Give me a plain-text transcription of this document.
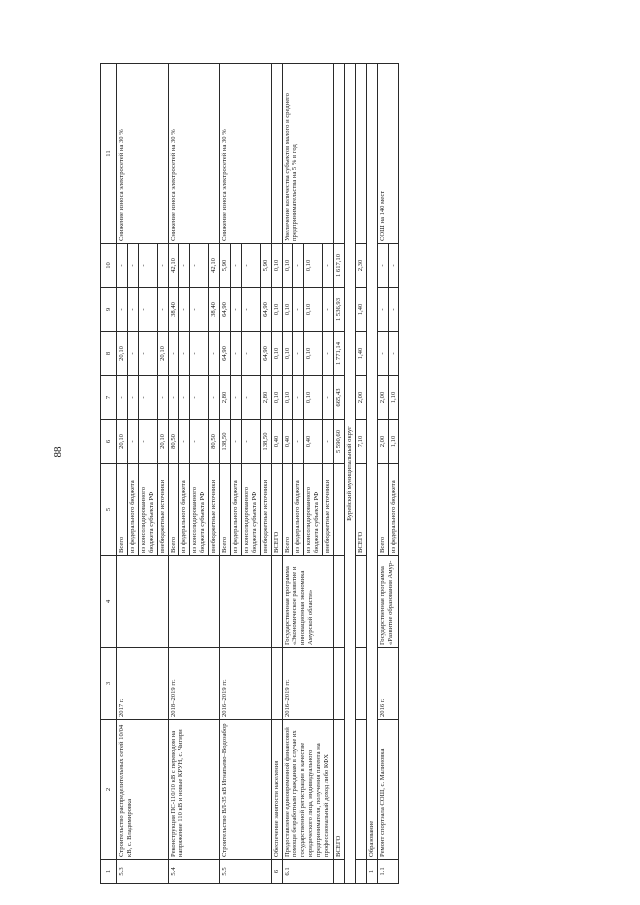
88
1	2	3	4	5	6	7	8	9	10	11
5.3	Строительство распределительных сетей 10/04 кВ, с. Владимировка	2017 г.		Всего	20,10	-	20,10	-	-	Снижение износа электросетей на 30 %
				из федерального бюджета	-	-	-	-	-	
				из консолидированного бюджета субъекта РФ	-	-	-	-	-	
				внебюджетные источники	20,10	-	20,10	-	-	
5.4	Реконструкция ПС-110/10 кВ с переводом на напряжение 110 кВ и новые КРУН, с. Чигири	2018–2019 гг.		Всего	80,50	-	-	38,40	42,10	Снижение износа электросетей на 30 %
				из федерального бюджета	-	-	-	-	-	
				из консолидированного бюджета субъекта РФ	-	-	-	-	-	
				внебюджетные источники	80,50	-	-	38,40	42,10	
5.5	Строительство ВЛ-35 кВ Игнатьево–Водозабор	2016–2019 гг.		Всего	138,50	2,80	64,90	64,90	5,90	Снижение износа электросетей на 30 %
				из федерального бюджета	-	-	-	-	-	
				из консолидированного бюджета субъекта РФ	-	-	-	-	-	
				внебюджетные источники	138,50	2,80	64,90	64,90	5,90	
6	Обеспечение занятости населения			ВСЕГО	0,40	0,10	0,10	0,10	0,10	
6.1	Предоставление единовременной финансовой помощи безработным гражданам в случае их государственной регистрации в качестве юридического лица, индивидуального предпринимателя, получения патента на профессиональный доход либо КФХ	2016–2019 гг.	Государственная программа «Экономическое развитие и инновационная экономика Амурской области»	Всего	0,40	0,10	0,10	0,10	0,10	Увеличение количества субъектов малого и среднего предпринимательства на 5 % в год
				из федерального бюджета	-	-	-	-	-	
				из консолидированного бюджета субъекта РФ	0,40	0,10	0,10	0,10	0,10	
				внебюджетные источники	-	-	-	-	-	
	ВСЕГО				5 590,60	665,43	1 771,14	1 536,93	1 617,10	
Бурейский муниципальный округ										
				ВСЕГО	7,10	2,00	1,40	1,40	2,30	
1	Образование									
1.1	Ремонт спортзала СОШ, с. Малиновка	2016 г.	Государственная программа «Развитие образования Амур-	Всего	2,00	2,00	-	-	-	СОШ на 140 мест
				из федерального бюджета	1,10	1,10	-	-	-	
